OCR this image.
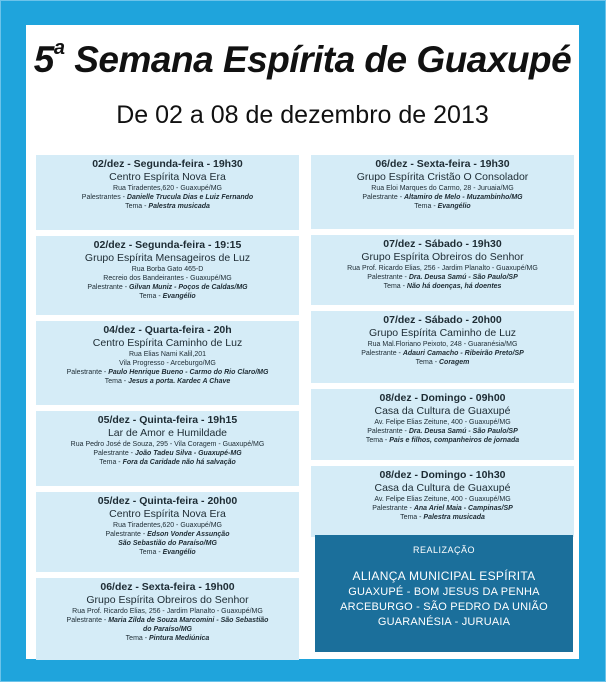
5$^a$ Semana Espírita de Guaxupé
De 02 a 08 de dezembro de 2013
02/dez - Segunda-feira - 19h30
Centro Espírita Nova Era
Rua Tiradentes,620 - Guaxupé/MG
Palestrantes - Danielle Trucula Dias e Luiz Fernando
Tema - Palestra musicada
02/dez - Segunda-feira - 19:15
Grupo Espírita Mensageiros de Luz
Rua Borba Gato 465-D
Recreio dos Bandeirantes - Guaxupé/MG
Palestrante - Gilvan Muniz - Poços de Caldas/MG
Tema - Evangélio
04/dez - Quarta-feira - 20h
Centro Espírita Caminho de Luz
Rua Elias Nami Kalil,201
Vila Progresso - Arceburgo/MG
Palestrante - Paulo Henrique Bueno - Carmo do Rio Claro/MG
Tema - Jesus a porta. Kardec A Chave
05/dez - Quinta-feira - 19h15
Lar de Amor e Humildade
Rua Pedro José de Souza, 295 - Vila Coragem - Guaxupé/MG
Palestrante - João Tadeu Silva - Guaxupé-MG
Tema - Fora da Caridade não há salvação
05/dez - Quinta-feira - 20h00
Centro Espírita Nova Era
Rua Tiradentes,620 - Guaxupé/MG
Palestrante - Edson Vonder Assunção
São Sebastião do Paraíso/MG
Tema - Evangélio
06/dez - Sexta-feira - 19h00
Grupo Espírita Obreiros do Senhor
Rua Prof. Ricardo Elias, 256 - Jardim Planalto - Guaxupé/MG
Palestrante - Maria Zilda de Souza Marcomini - São Sebastião
do Paraíso/MG
Tema - Pintura Mediúnica
06/dez - Sexta-feira - 19h30
Grupo Espírita Cristão O Consolador
Rua Eloi Marques do Carmo, 28 - Juruaia/MG
Palestrante - Altamiro de Melo - Muzambinho/MG
Tema - Evangélio
07/dez - Sábado - 19h30
Grupo Espírita Obreiros do Senhor
Rua Prof. Ricardo Elias, 256 - Jardim Planalto - Guaxupé/MG
Palestrante - Dra. Deusa Samú - São Paulo/SP
Tema - Não há doenças, há doentes
07/dez - Sábado - 20h00
Grupo Espírita Caminho de Luz
Rua Mal.Floriano Peixoto, 248 - Guaranésia/MG
Palestrante - Adauri Camacho - Ribeirão Preto/SP
Tema - Coragem
08/dez - Domingo - 09h00
Casa da Cultura de Guaxupé
Av. Felipe Elias Zeitune, 400 - Guaxupé/MG
Palestrante - Dra. Deusa Samú - São Paulo/SP
Tema - Pais e filhos, companheiros de jornada
08/dez - Domingo - 10h30
Casa da Cultura de Guaxupé
Av. Felipe Elias Zeitune, 400 - Guaxupé/MG
Palestrante - Ana Ariel Maia - Campinas/SP
Tema - Palestra musicada
REALIZAÇÃO
ALIANÇA MUNICIPAL ESPÍRITA
GUAXUPÉ - BOM JESUS DA PENHA
ARCEBURGO - SÃO PEDRO DA UNIÃO
GUARANÉSIA - JURUAIA
